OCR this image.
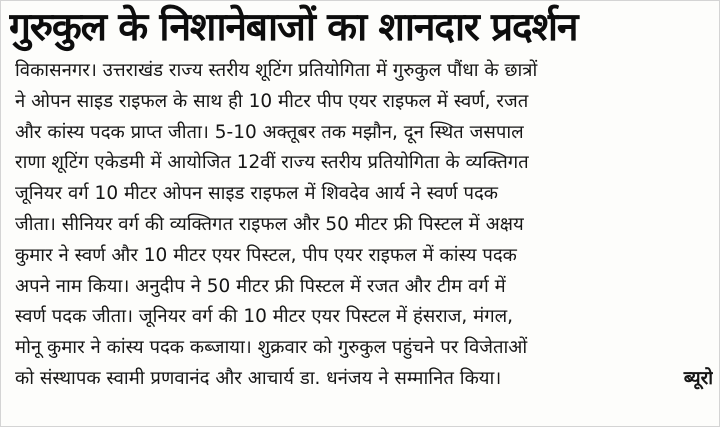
गुरुकुल के निशानेबाजों का शानदार प्रदर्शन
विकासनगर। उत्तराखंड राज्य स्तरीय शूटिंग प्रतियोगिता में गुरुकुल पौंधा के छात्रों
ने ओपन साइड राइफल के साथ ही 10 मीटर पीप एयर राइफल में स्वर्ण, रजत
और कांस्य पदक प्राप्त जीता। 5-10 अक्तूबर तक मझौन, दून स्थित जसपाल
राणा शूटिंग एकेडमी में आयोजित 12वीं राज्य स्तरीय प्रतियोगिता के व्यक्तिगत
जूनियर वर्ग 10 मीटर ओपन साइड राइफल में शिवदेव आर्य ने स्वर्ण पदक
जीता। सीनियर वर्ग की व्यक्तिगत राइफल और 50 मीटर फ्री पिस्टल में अक्षय
कुमार ने स्वर्ण और 10 मीटर एयर पिस्टल, पीप एयर राइफल में कांस्य पदक
अपने नाम किया। अनुदीप ने 50 मीटर फ्री पिस्टल में रजत और टीम वर्ग में
स्वर्ण पदक जीता। जूनियर वर्ग की 10 मीटर एयर पिस्टल में हंसराज, मंगल,
मोनू कुमार ने कांस्य पदक कब्जाया। शुक्रवार को गुरुकुल पहुंचने पर विजेताओं
को संस्थापक स्वामी प्रणवानंद और आचार्य डा. धनंजय ने सम्मानित किया।	ब्यूरो
